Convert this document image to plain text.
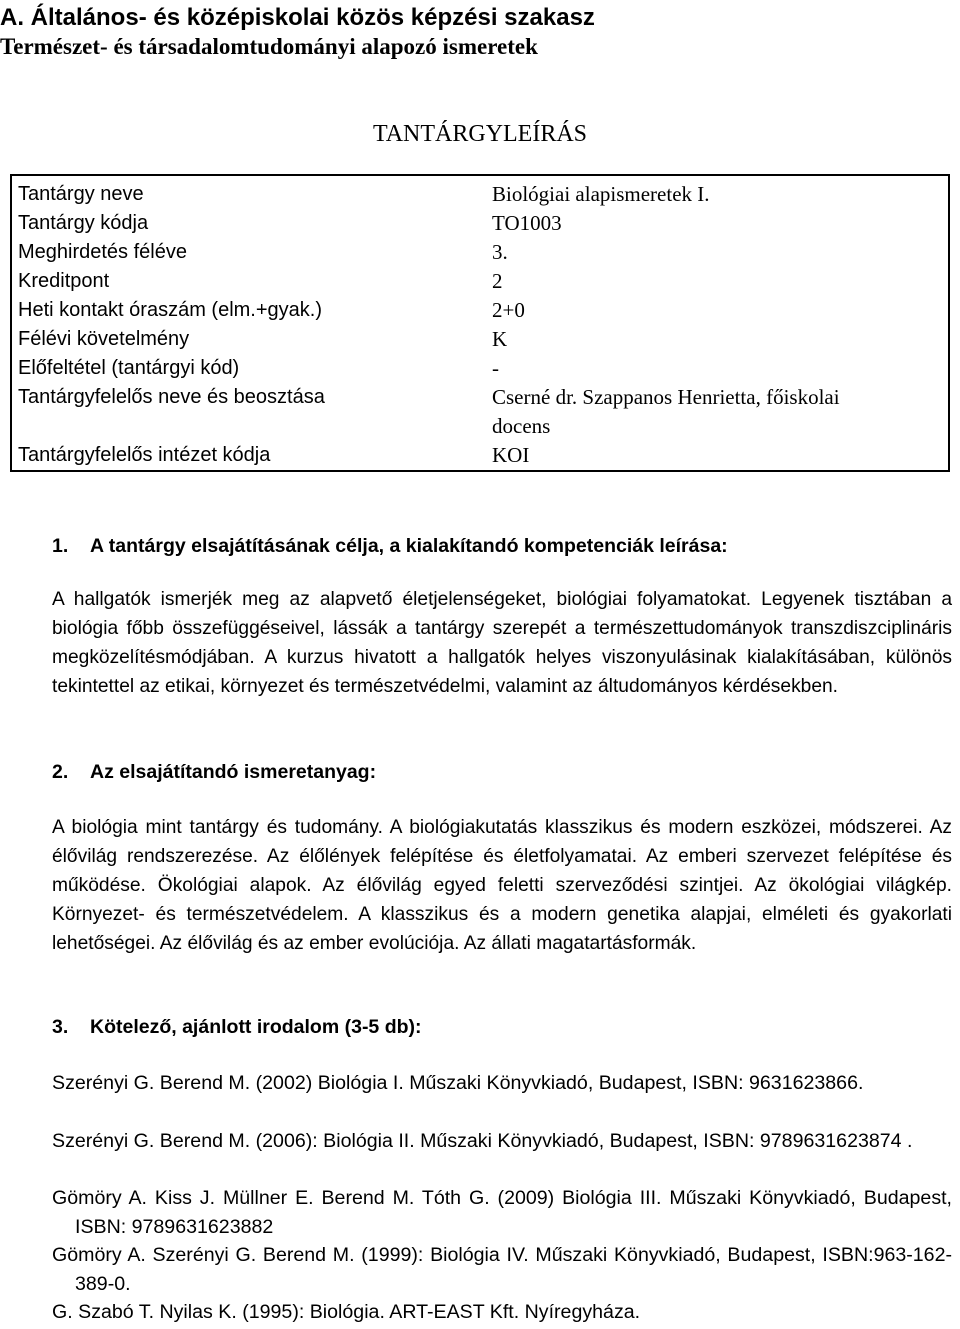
A. Általános- és középiskolai közös képzési szakasz
Természet- és társadalomtudományi alapozó ismeretek
TANTÁRGYLEÍRÁS
Tantárgy neve	Biológiai alapismeretek I.
Tantárgy kódja	TO1003
Meghirdetés féléve	3.
Kreditpont	2
Heti kontakt óraszám (elm.+gyak.)	2+0
Félévi követelmény	K
Előfeltétel (tantárgyi kód)	-
Tantárgyfelelős neve és beosztása	Cserné dr. Szappanos Henrietta, főiskolai
docens
Tantárgyfelelős intézet kódja	KOI
1. A tantárgy elsajátításának célja, a kialakítandó kompetenciák leírása:
A hallgatók ismerjék meg az alapvető életjelenségeket, biológiai folyamatokat. Legyenek tisztában a biológia főbb összefüggéseivel, lássák a tantárgy szerepét a természettudományok transzdiszciplináris megközelítésmódjában. A kurzus hivatott a hallgatók helyes viszonyulásinak kialakításában, különös tekintettel az etikai, környezet és természetvédelmi, valamint az áltudományos kérdésekben.
2. Az elsajátítandó ismeretanyag:
A biológia mint tantárgy és tudomány. A biológiakutatás klasszikus és modern eszközei, módszerei. Az élővilág rendszerezése. Az élőlények felépítése és életfolyamatai. Az emberi szervezet felépítése és működése. Ökológiai alapok. Az élővilág egyed feletti szerveződési szintjei. Az ökológiai világkép. Környezet- és természetvédelem. A klasszikus és a modern genetika alapjai, elméleti és gyakorlati lehetőségei. Az élővilág és az ember evolúciója. Az állati magatartásformák.
3. Kötelező, ajánlott irodalom (3-5 db):
Szerényi G. Berend M. (2002) Biológia I. Műszaki Könyvkiadó, Budapest, ISBN: 9631623866.
Szerényi G. Berend M. (2006): Biológia II. Műszaki Könyvkiadó, Budapest, ISBN: 9789631623874 .
Gömöry A. Kiss J. Müllner E. Berend M. Tóth G. (2009) Biológia III. Műszaki Könyvkiadó, Budapest, ISBN: 9789631623882
Gömöry A. Szerényi G. Berend M. (1999): Biológia IV. Műszaki Könyvkiadó, Budapest, ISBN:963-162-389-0.
G. Szabó T. Nyilas K. (1995): Biológia. ART-EAST Kft. Nyíregyháza.
